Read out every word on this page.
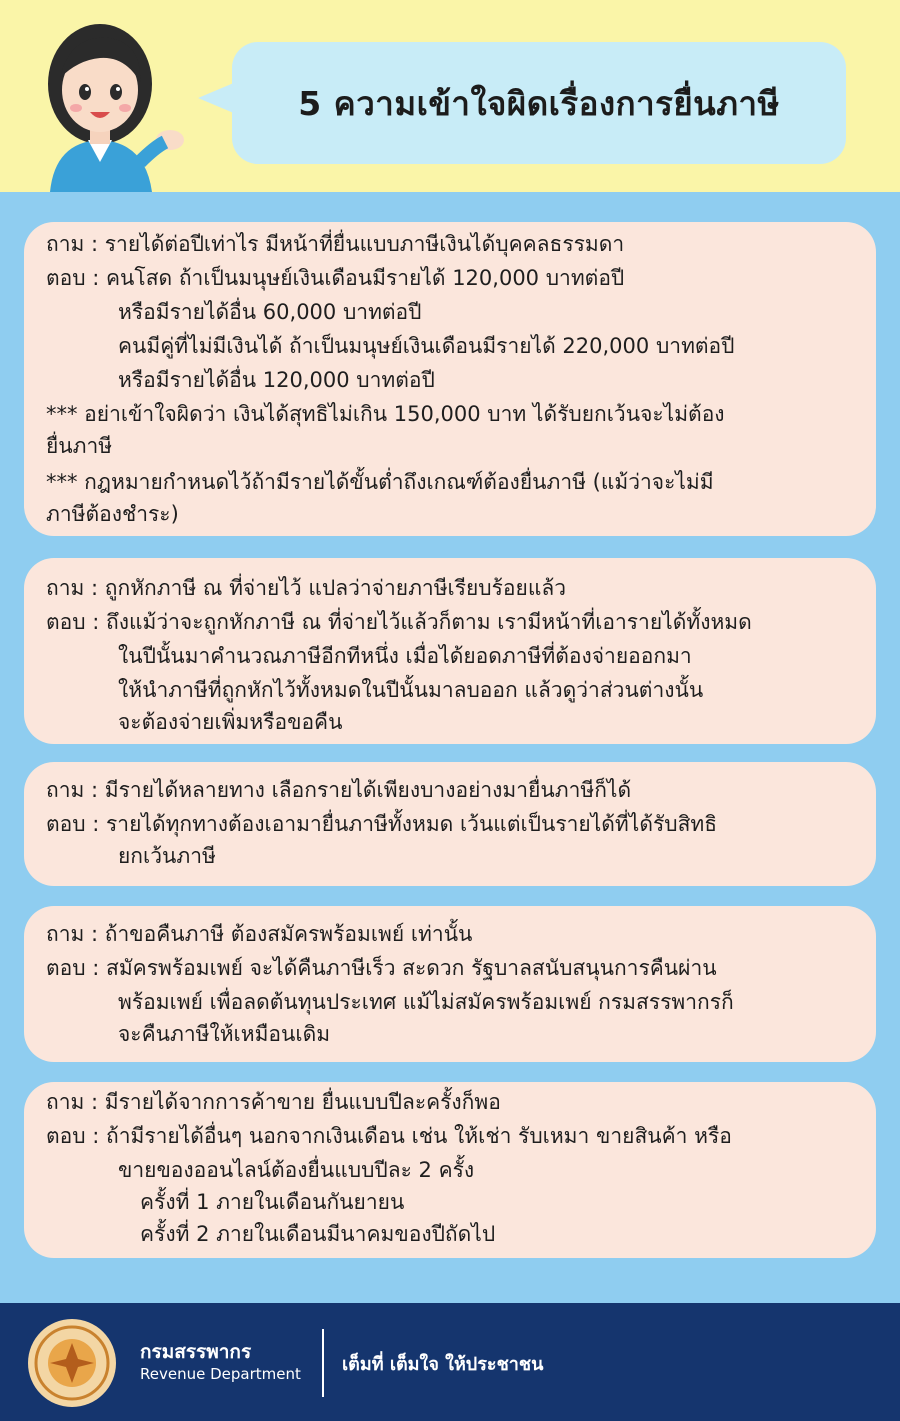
5 ความเข้าใจผิดเรื่องการยื่นภาษี
ถาม : รายได้ต่อปีเท่าไร มีหน้าที่ยื่นแบบภาษีเงินได้บุคคลธรรมดา
ตอบ : คนโสด ถ้าเป็นมนุษย์เงินเดือนมีรายได้ 120,000 บาทต่อปี
หรือมีรายได้อื่น 60,000 บาทต่อปี
คนมีคู่ที่ไม่มีเงินได้ ถ้าเป็นมนุษย์เงินเดือนมีรายได้ 220,000 บาทต่อปี
หรือมีรายได้อื่น 120,000 บาทต่อปี
*** อย่าเข้าใจผิดว่า เงินได้สุทธิไม่เกิน 150,000 บาท ได้รับยกเว้นจะไม่ต้อง
ยื่นภาษี
*** กฎหมายกำหนดไว้ถ้ามีรายได้ขั้นต่ำถึงเกณฑ์ต้องยื่นภาษี (แม้ว่าจะไม่มี
ภาษีต้องชำระ)
ถาม : ถูกหักภาษี ณ ที่จ่ายไว้ แปลว่าจ่ายภาษีเรียบร้อยแล้ว
ตอบ : ถึงแม้ว่าจะถูกหักภาษี ณ ที่จ่ายไว้แล้วก็ตาม เรามีหน้าที่เอารายได้ทั้งหมด
ในปีนั้นมาคำนวณภาษีอีกทีหนึ่ง เมื่อได้ยอดภาษีที่ต้องจ่ายออกมา
ให้นำภาษีที่ถูกหักไว้ทั้งหมดในปีนั้นมาลบออก แล้วดูว่าส่วนต่างนั้น
จะต้องจ่ายเพิ่มหรือขอคืน
ถาม : มีรายได้หลายทาง เลือกรายได้เพียงบางอย่างมายื่นภาษีก็ได้
ตอบ : รายได้ทุกทางต้องเอามายื่นภาษีทั้งหมด เว้นแต่เป็นรายได้ที่ได้รับสิทธิ
ยกเว้นภาษี
ถาม : ถ้าขอคืนภาษี ต้องสมัครพร้อมเพย์ เท่านั้น
ตอบ : สมัครพร้อมเพย์ จะได้คืนภาษีเร็ว สะดวก รัฐบาลสนับสนุนการคืนผ่าน
พร้อมเพย์ เพื่อลดต้นทุนประเทศ แม้ไม่สมัครพร้อมเพย์ กรมสรรพากรก็
จะคืนภาษีให้เหมือนเดิม
ถาม : มีรายได้จากการค้าขาย ยื่นแบบปีละครั้งก็พอ
ตอบ : ถ้ามีรายได้อื่นๆ นอกจากเงินเดือน เช่น ให้เช่า รับเหมา ขายสินค้า หรือ
ขายของออนไลน์ต้องยื่นแบบปีละ 2 ครั้ง
ครั้งที่ 1 ภายในเดือนกันยายน
ครั้งที่ 2 ภายในเดือนมีนาคมของปีถัดไป
กรมสรรพากร
Revenue Department เต็มที่ เต็มใจ ให้ประชาชน
